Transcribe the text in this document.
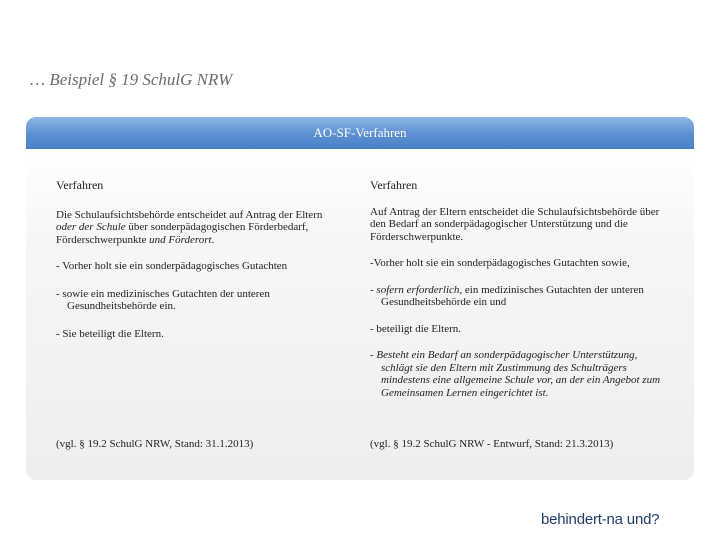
… Beispiel § 19 SchulG NRW
AO-SF-Verfahren

Verfahren

Die Schulaufsichtsbehörde entscheidet auf Antrag der Eltern oder der Schule über sonderpädagogischen Förderbedarf, Förderschwerpunkte und Förderort.

- Vorher holt sie ein sonderpädagogisches Gutachten

- sowie ein medizinisches Gutachten der unteren Gesundheitsbehörde ein.

- Sie beteiligt die Eltern.

Verfahren

Auf Antrag der Eltern entscheidet die Schulaufsichtsbehörde über den Bedarf an sonderpädagogischer Unterstützung und die Förderschwerpunkte.

-Vorher holt sie ein sonderpädagogisches Gutachten sowie,

- sofern erforderlich, ein medizinisches Gutachten der unteren Gesundheitsbehörde ein und

- beteiligt die Eltern.

- Besteht ein Bedarf an sonderpädagogischer Unterstützung, schlägt sie den Eltern mit Zustimmung des Schulträgers mindestens eine allgemeine Schule vor, an der ein Angebot zum Gemeinsamen Lernen eingerichtet ist.

(vgl. § 19.2 SchulG NRW, Stand: 31.1.2013)	(vgl. § 19.2 SchulG NRW - Entwurf, Stand: 21.3.2013)
behindert-na und?
